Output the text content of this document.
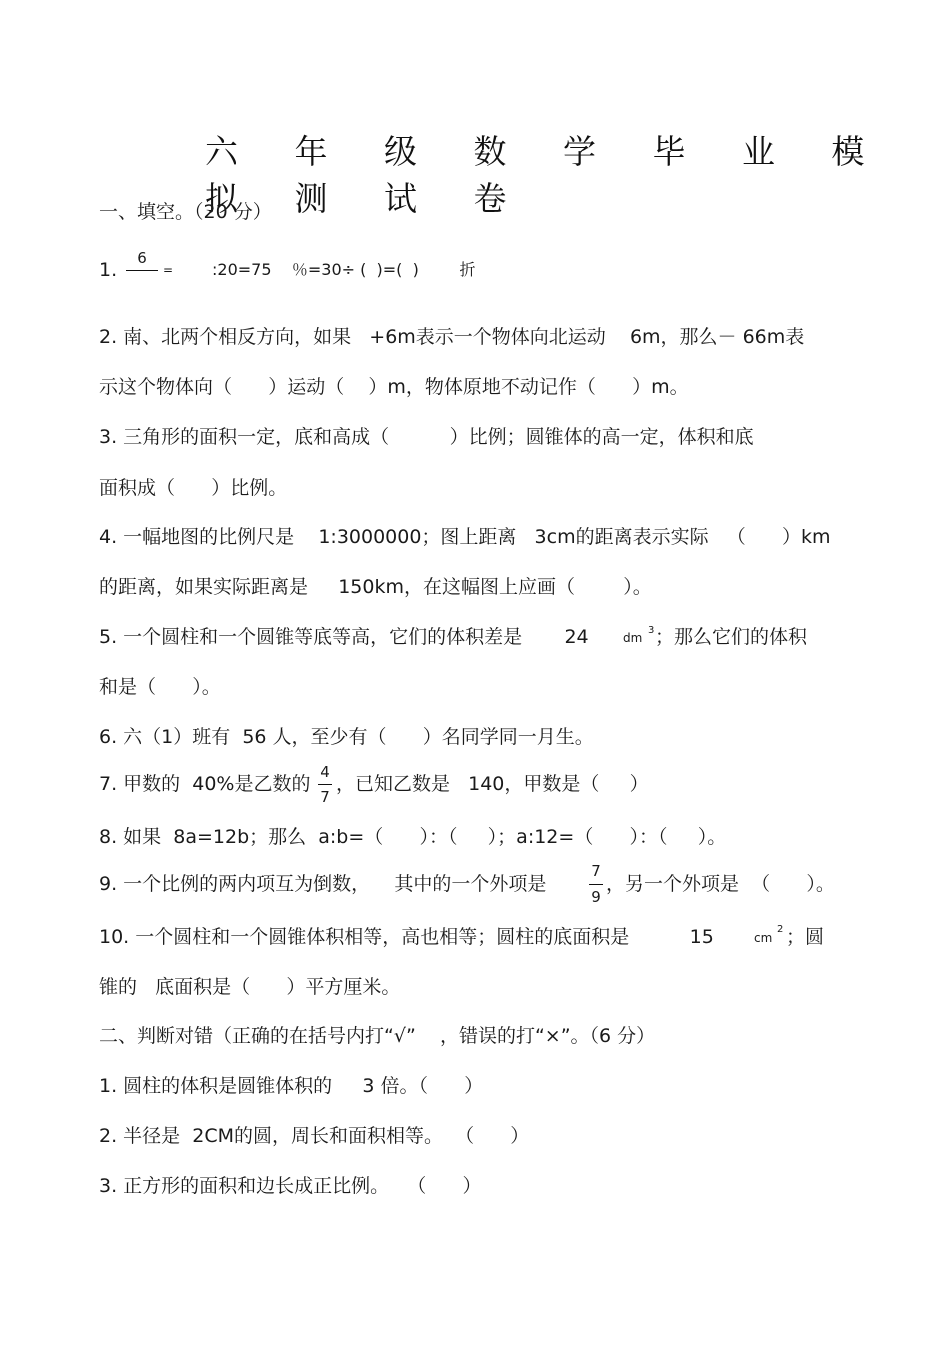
六 年 级 数 学 毕 业 模 拟 测 试 卷
一、填空。（20 分）
1.
6
= :20=75    ％=30÷ (  )=(  )        折
2. 南、北两个相反方向，如果   +6m表示一个物体向北运动    6m，那么－ 66m表
示这个物体向（      ）运动（    ）m，物体原地不动记作（      ）m。
3. 三角形的面积一定，底和高成（          ）比例；圆锥体的高一定，体积和底
面积成（      ）比例。
4. 一幅地图的比例尺是    1:3000000；图上距离   3cm的距离表示实际   （      ）km
的距离，如果实际距离是     150km，在这幅图上应画（        ）。
5. 一个圆柱和一个圆锥等底等高，它们的体积差是       24	dm
3 ；那么它们的体积
和是（      ）。
6. 六（1）班有  56 人，至少有（      ）名同学同一月生。
7. 甲数的  40%是乙数的
4
7
，已知乙数是   140，甲数是（     ）
8. 如果  8a=12b；那么  a:b=（      ）：（     ）；a:12=（      ）：（     ）。
9. 一个比例的两内项互为倒数，    其中的一个外项是
7
9
，另一个外项是  （      ）。
10. 一个圆柱和一个圆锥体积相等，高也相等；圆柱的底面积是          15	cm
2 ；圆
锥的   底面积是（      ）平方厘米。
二、判断对错（正确的在括号内打“√”    ，错误的打“×”。（6 分）
1. 圆柱的体积是圆锥体积的     3 倍。（      ）
2. 半径是  2CM的圆，周长和面积相等。  （      ）
3. 正方形的面积和边长成正比例。   （      ）
